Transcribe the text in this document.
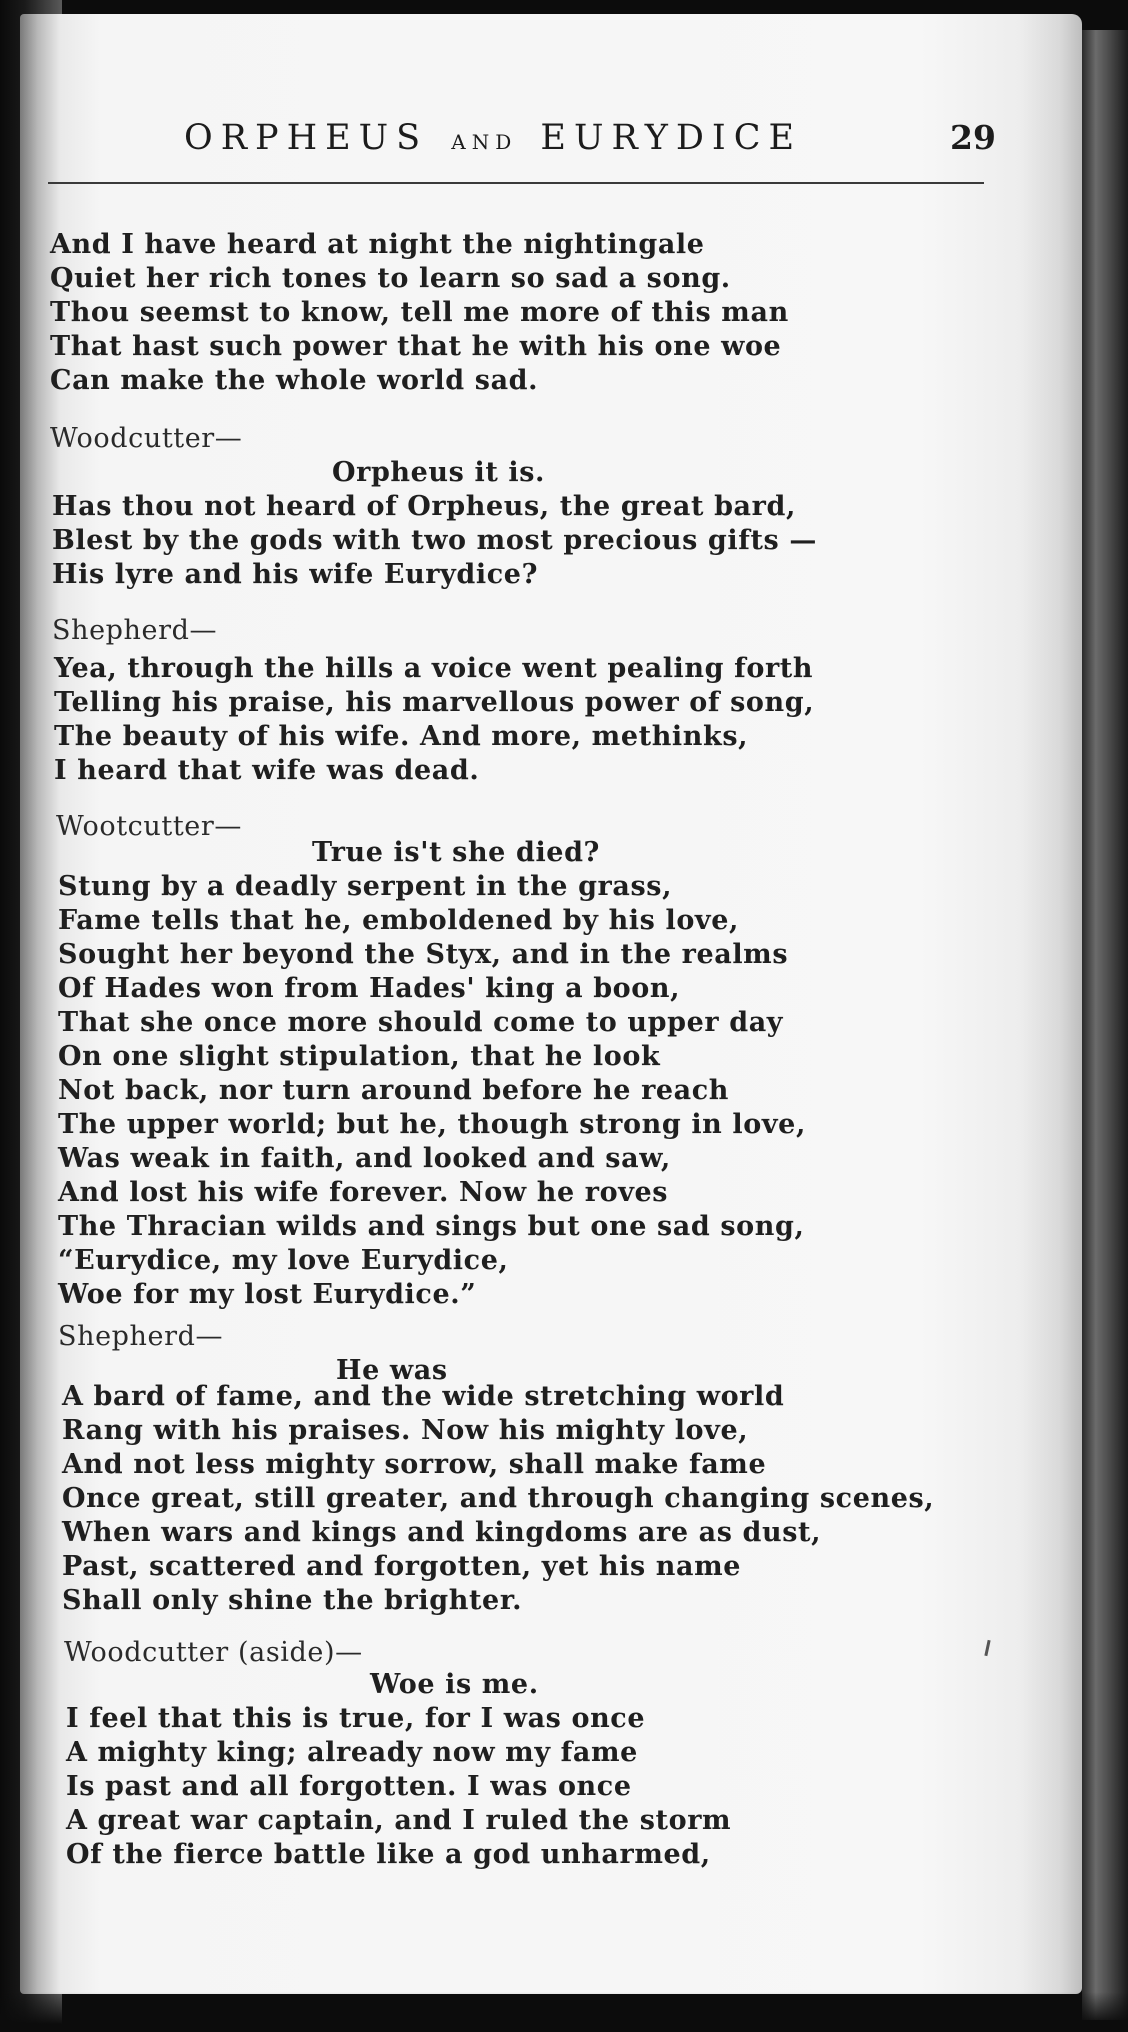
ORPHEUS AND EURYDICE	29
And I have heard at night the nightingale
Quiet her rich tones to learn so sad a song.
Thou seemst to know, tell me more of this man
That hast such power that he with his one woe
Can make the whole world sad.
Woodcutter—
Orpheus it is.
Has thou not heard of Orpheus, the great bard,
Blest by the gods with two most precious gifts —
His lyre and his wife Eurydice?
Shepherd—
Yea, through the hills a voice went pealing forth
Telling his praise, his marvellous power of song,
The beauty of his wife. And more, methinks,
I heard that wife was dead.
Wootcutter—
True is't she died?
Stung by a deadly serpent in the grass,
Fame tells that he, emboldened by his love,
Sought her beyond the Styx, and in the realms
Of Hades won from Hades' king a boon,
That she once more should come to upper day
On one slight stipulation, that he look
Not back, nor turn around before he reach
The upper world; but he, though strong in love,
Was weak in faith, and looked and saw,
And lost his wife forever. Now he roves
The Thracian wilds and sings but one sad song,
“Eurydice, my love Eurydice,
Woe for my lost Eurydice.”
Shepherd—
He was
A bard of fame, and the wide stretching world
Rang with his praises. Now his mighty love,
And not less mighty sorrow, shall make fame
Once great, still greater, and through changing scenes,
When wars and kings and kingdoms are as dust,
Past, scattered and forgotten, yet his name
Shall only shine the brighter.
Woodcutter (aside)—
Woe is me.
I feel that this is true, for I was once
A mighty king; already now my fame
Is past and all forgotten. I was once
A great war captain, and I ruled the storm
Of the fierce battle like a god unharmed,
